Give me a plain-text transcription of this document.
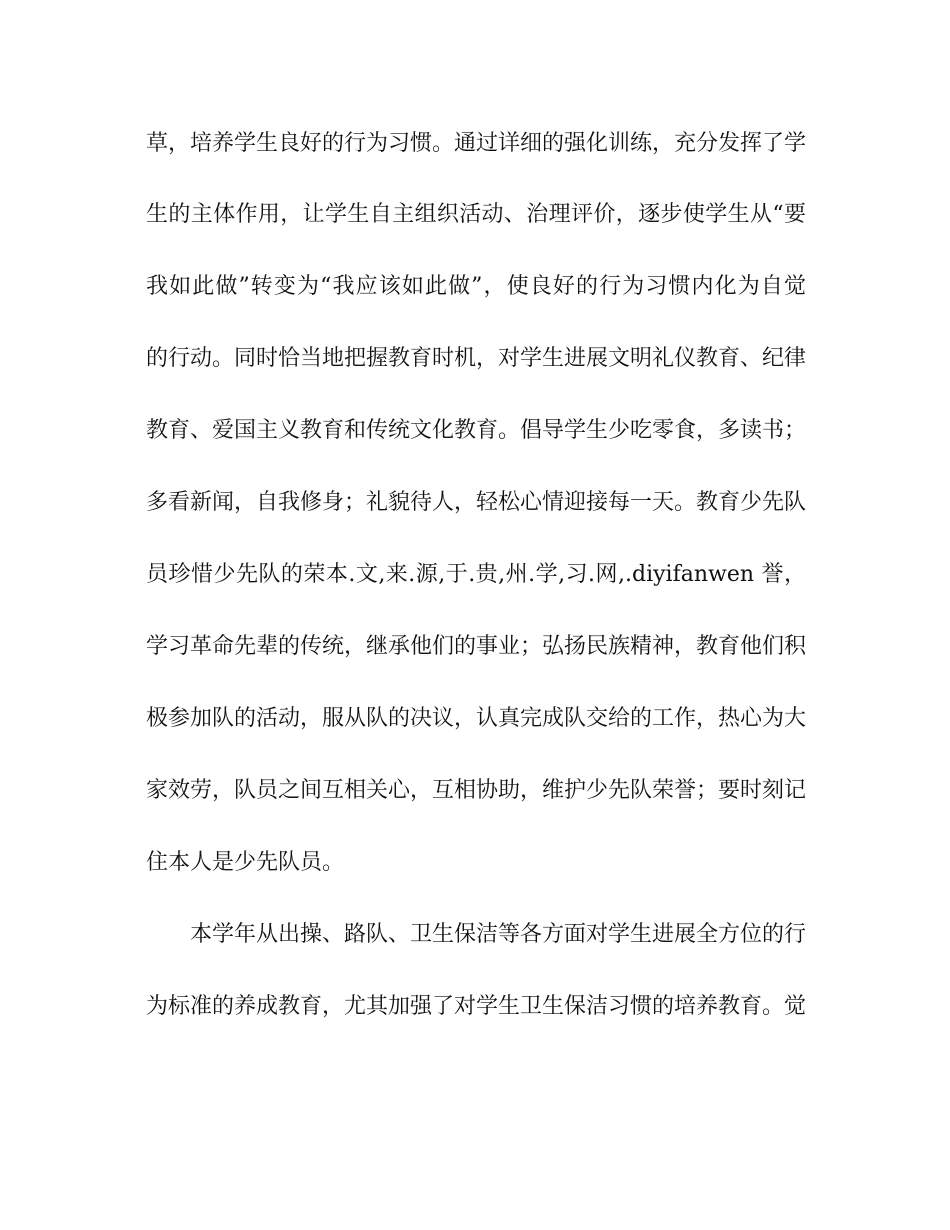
草，培养学生良好的行为习惯。通过详细的强化训练，充分发挥了学
生的主体作用，让学生自主组织活动、治理评价，逐步使学生从“要
我如此做”转变为“我应该如此做”，使良好的行为习惯内化为自觉
的行动。同时恰当地把握教育时机，对学生进展文明礼仪教育、纪律
教育、爱国主义教育和传统文化教育。倡导学生少吃零食，多读书；
多看新闻，自我修身；礼貌待人，轻松心情迎接每一天。教育少先队
员珍惜少先队的荣本.文,来.源,于.贵,州.学,习.网,.diyifanwen 誉，
学习革命先辈的传统，继承他们的事业；弘扬民族精神，教育他们积
极参加队的活动，服从队的决议，认真完成队交给的工作，热心为大
家效劳，队员之间互相关心，互相协助，维护少先队荣誉；要时刻记
住本人是少先队员。
本学年从出操、路队、卫生保洁等各方面对学生进展全方位的行
为标准的养成教育，尤其加强了对学生卫生保洁习惯的培养教育。觉
